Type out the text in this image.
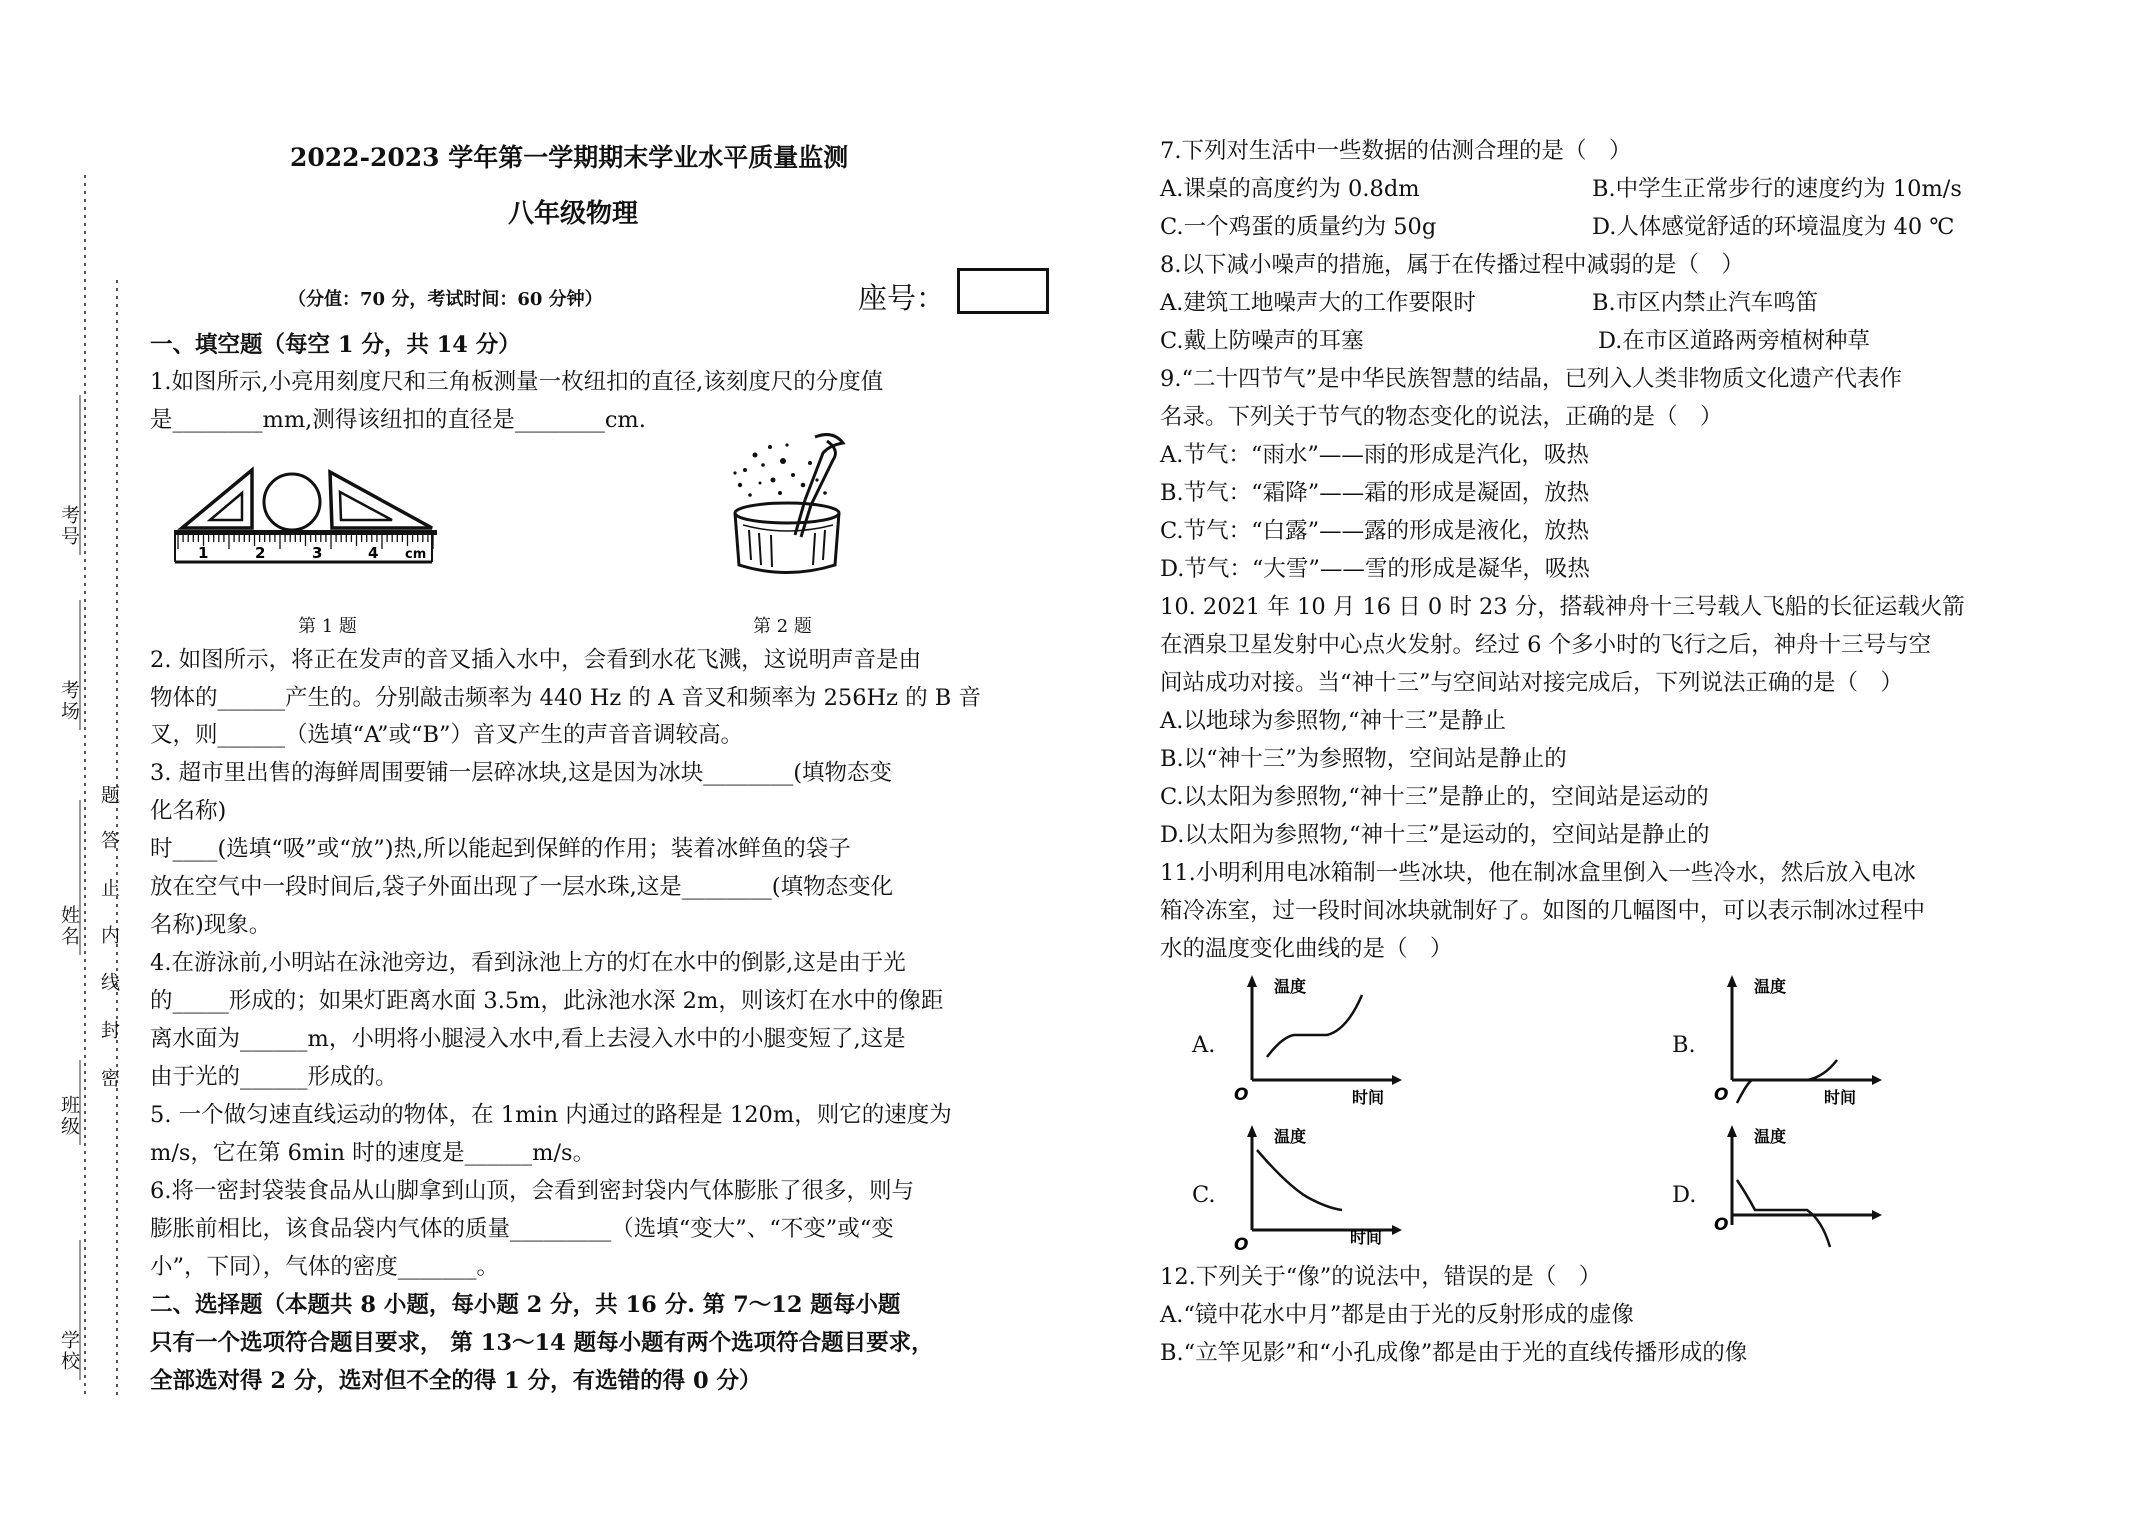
考号
考场
姓名
班级
学校
题
答
止
内
线
封
密
2022-2023 学年第一学期期末学业水平质量监测
八年级物理
（分值：70 分，考试时间：60 分钟）	座号：
一、填空题（每空 1 分，共 14 分）
1.如图所示,小亮用刻度尺和三角板测量一枚纽扣的直径,该刻度尺的分度值
是________mm,测得该纽扣的直径是________cm.
1	2	3	4 cm
第 1 题	第 2 题
2. 如图所示，将正在发声的音叉插入水中，会看到水花飞溅，这说明声音是由
物体的______产生的。分别敲击频率为 440 Hz 的 A 音叉和频率为 256Hz 的 B 音
叉，则______（选填“A”或“B”）音叉产生的声音音调较高。
3. 超市里出售的海鲜周围要铺一层碎冰块,这是因为冰块________(填物态变
化名称)
时____(选填“吸”或“放”)热,所以能起到保鲜的作用；装着冰鲜鱼的袋子
放在空气中一段时间后,袋子外面出现了一层水珠,这是________(填物态变化
名称)现象。
4.在游泳前,小明站在泳池旁边，看到泳池上方的灯在水中的倒影,这是由于光
的_____形成的；如果灯距离水面 3.5m，此泳池水深 2m，则该灯在水中的像距
离水面为______m，小明将小腿浸入水中,看上去浸入水中的小腿变短了,这是
由于光的______形成的。
5. 一个做匀速直线运动的物体，在 1min 内通过的路程是 120m，则它的速度为
m/s，它在第 6min 时的速度是______m/s。
6.将一密封袋装食品从山脚拿到山顶，会看到密封袋内气体膨胀了很多，则与
膨胀前相比，该食品袋内气体的质量_________（选填“变大”、“不变”或“变
小”，下同），气体的密度_______。
二、选择题（本题共 8 小题，每小题 2 分，共 16 分. 第 7～12 题每小题
只有一个选项符合题目要求， 第 13～14 题每小题有两个选项符合题目要求，
全部选对得 2 分，选对但不全的得 1 分，有选错的得 0 分）
7.下列对生活中一些数据的估测合理的是（　）
A.课桌的高度约为 0.8dm	B.中学生正常步行的速度约为 10m/s
C.一个鸡蛋的质量约为 50g	D.人体感觉舒适的环境温度为 40 ℃
8.以下减小噪声的措施，属于在传播过程中减弱的是（　）
A.建筑工地噪声大的工作要限时	B.市区内禁止汽车鸣笛
C.戴上防噪声的耳塞	D.在市区道路两旁植树种草
9.“二十四节气”是中华民族智慧的结晶，已列入人类非物质文化遗产代表作
名录。下列关于节气的物态变化的说法，正确的是（　）
A.节气：“雨水”——雨的形成是汽化，吸热
B.节气：“霜降”——霜的形成是凝固，放热
C.节气：“白露”——露的形成是液化，放热
D.节气：“大雪”——雪的形成是凝华，吸热
10. 2021 年 10 月 16 日 0 时 23 分，搭载神舟十三号载人飞船的长征运载火箭
在酒泉卫星发射中心点火发射。经过 6 个多小时的飞行之后，神舟十三号与空
间站成功对接。当“神十三”与空间站对接完成后，下列说法正确的是（　）
A.以地球为参照物,“神十三”是静止
B.以“神十三”为参照物，空间站是静止的
C.以太阳为参照物,“神十三”是静止的，空间站是运动的
D.以太阳为参照物,“神十三”是运动的，空间站是静止的
11.小明利用电冰箱制一些冰块，他在制冰盒里倒入一些冷水，然后放入电冰
箱冷冻室，过一段时间冰块就制好了。如图的几幅图中，可以表示制冰过程中
水的温度变化曲线的是（　）
A.
温度
时间
O
B.
温度
时间
O
C.
温度
时间
O
D.
温度
O
12.下列关于“像”的说法中，错误的是（　）
A.“镜中花水中月”都是由于光的反射形成的虚像
B.“立竿见影”和“小孔成像”都是由于光的直线传播形成的像
